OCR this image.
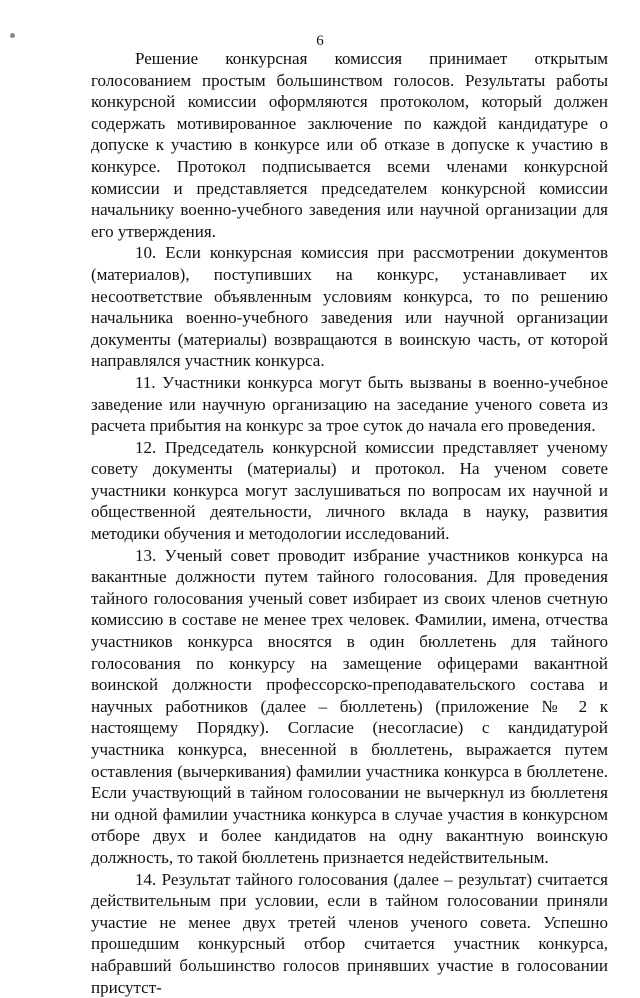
6

Решение конкурсная комиссия принимает открытым голосованием простым большинством голосов. Результаты работы конкурсной комиссии оформляются протоколом, который должен содержать мотивированное заключение по каждой кандидатуре о допуске к участию в конкурсе или об отказе в допуске к участию в конкурсе. Протокол подписывается всеми членами конкурсной комиссии и представляется председателем конкурсной комиссии начальнику военно-учебного заведения или научной организации для его утверждения.

10. Если конкурсная комиссия при рассмотрении документов (материалов), поступивших на конкурс, устанавливает их несоответствие объявленным условиям конкурса, то по решению начальника военно-учебного заведения или научной организации документы (материалы) возвращаются в воинскую часть, от которой направлялся участник конкурса.

11. Участники конкурса могут быть вызваны в военно-учебное заведение или научную организацию на заседание ученого совета из расчета прибытия на конкурс за трое суток до начала его проведения.

12. Председатель конкурсной комиссии представляет ученому совету документы (материалы) и протокол. На ученом совете участники конкурса могут заслушиваться по вопросам их научной и общественной деятельности, личного вклада в науку, развития методики обучения и методологии исследований.

13. Ученый совет проводит избрание участников конкурса на вакантные должности путем тайного голосования. Для проведения тайного голосования ученый совет избирает из своих членов счетную комиссию в составе не менее трех человек. Фамилии, имена, отчества участников конкурса вносятся в один бюллетень для тайного голосования по конкурсу на замещение офицерами вакантной воинской должности профессорско-преподавательского состава и научных работников (далее – бюллетень) (приложение № 2 к настоящему Порядку). Согласие (несогласие) с кандидатурой участника конкурса, внесенной в бюллетень, выражается путем оставления (вычеркивания) фамилии участника конкурса в бюллетене. Если участвующий в тайном голосовании не вычеркнул из бюллетеня ни одной фамилии участника конкурса в случае участия в конкурсном отборе двух и более кандидатов на одну вакантную воинскую должность, то такой бюллетень признается недействительным.

14. Результат тайного голосования (далее – результат) считается действительным при условии, если в тайном голосовании приняли участие не менее двух третей членов ученого совета. Успешно прошедшим конкурсный отбор считается участник конкурса, набравший большинство голосов принявших участие в голосовании присутст-
